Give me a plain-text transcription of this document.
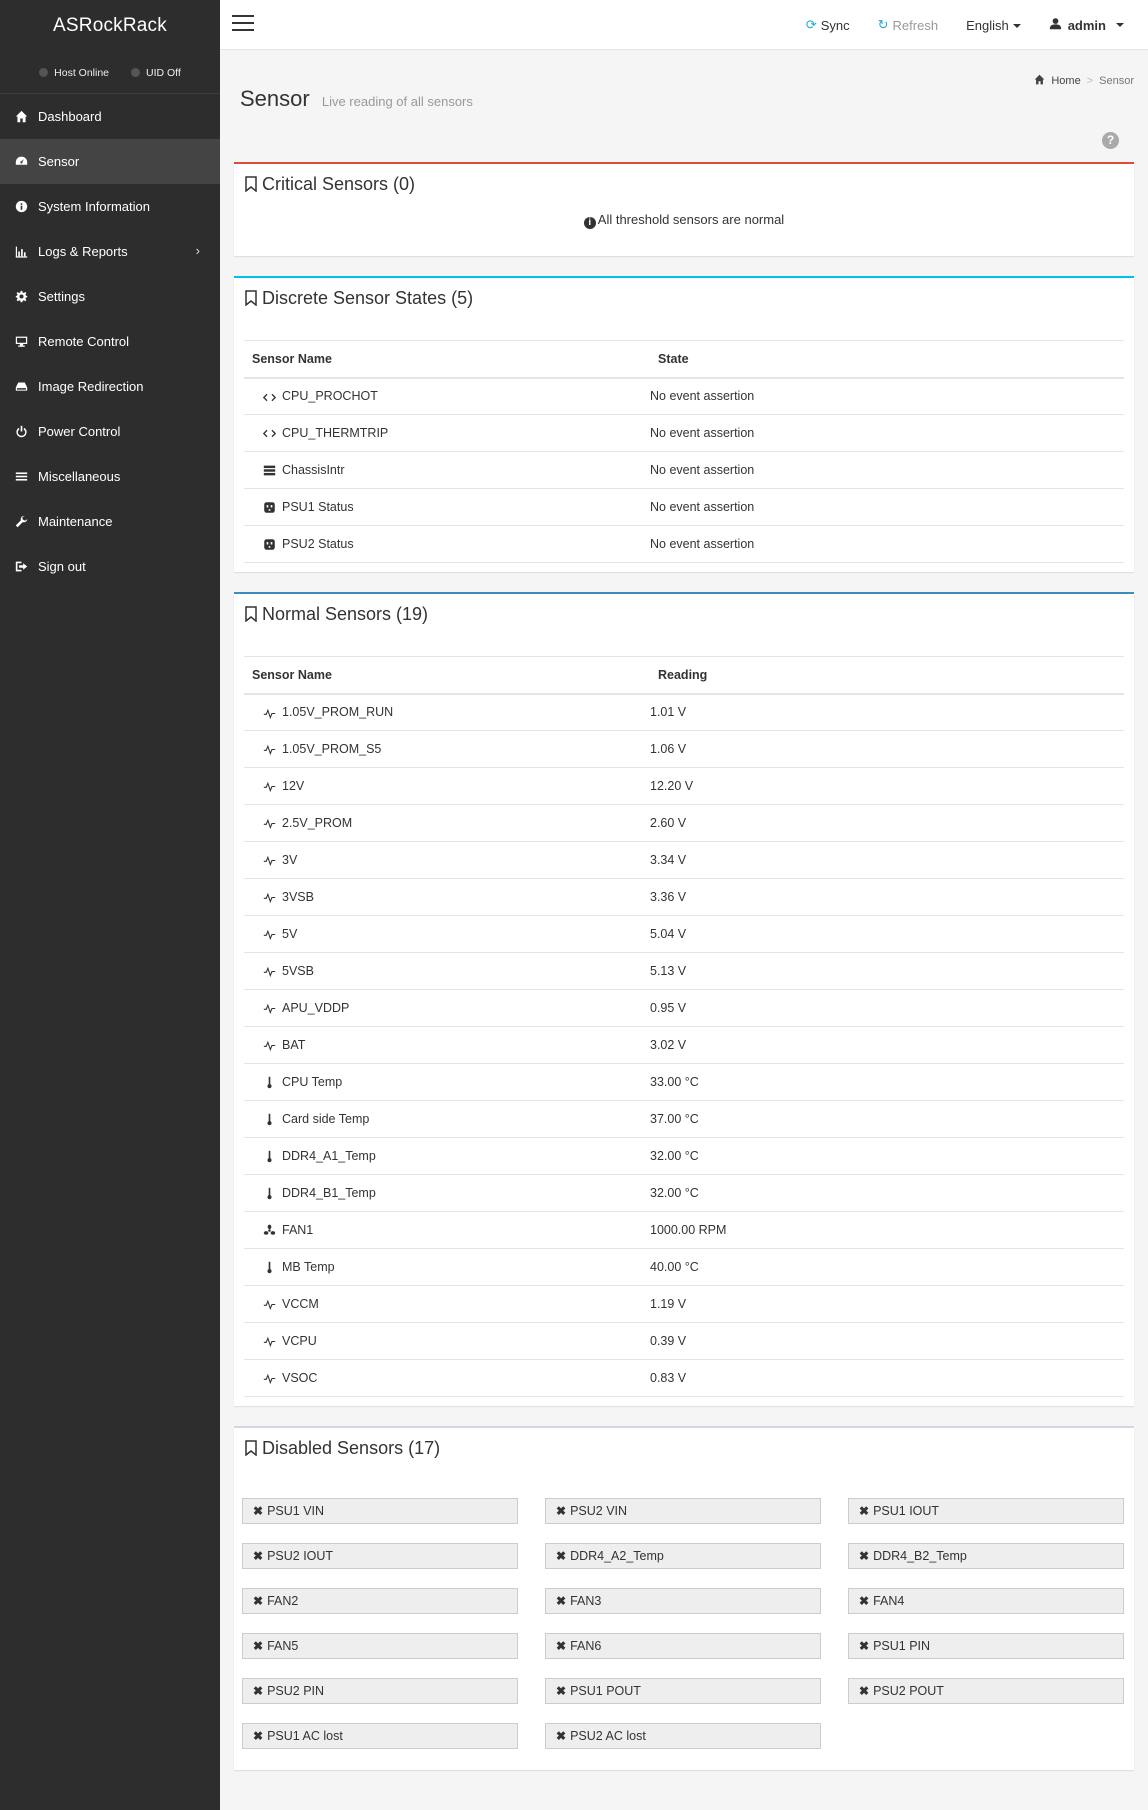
ASRockRack
Host Online	UID Off
Dashboard
Sensor
System Information
Logs & Reports	›
Settings
Remote Control
Image Redirection
Power Control
Miscellaneous
Maintenance
Sign out
⟳ Sync ↻ Refresh English	admin
Sensor Live reading of all sensors
Home > Sensor
?
Critical Sensors (0)
i All threshold sensors are normal
Discrete Sensor States (5)
Sensor Name	State
CPU_PROCHOT	No event assertion
CPU_THERMTRIP	No event assertion
ChassisIntr	No event assertion
PSU1 Status	No event assertion
PSU2 Status	No event assertion
Normal Sensors (19)
Sensor Name	Reading
1.05V_PROM_RUN	1.01 V
1.05V_PROM_S5	1.06 V
12V	12.20 V
2.5V_PROM	2.60 V
3V	3.34 V
3VSB	3.36 V
5V	5.04 V
5VSB	5.13 V
APU_VDDP	0.95 V
BAT	3.02 V
CPU Temp	33.00 °C
Card side Temp	37.00 °C
DDR4_A1_Temp	32.00 °C
DDR4_B1_Temp	32.00 °C
FAN1	1000.00 RPM
MB Temp	40.00 °C
VCCM	1.19 V
VCPU	0.39 V
VSOC	0.83 V
Disabled Sensors (17)
✖ PSU1 VIN	✖ PSU2 VIN	✖ PSU1 IOUT
✖ PSU2 IOUT	✖ DDR4_A2_Temp	✖ DDR4_B2_Temp
✖ FAN2	✖ FAN3	✖ FAN4
✖ FAN5	✖ FAN6	✖ PSU1 PIN
✖ PSU2 PIN	✖ PSU1 POUT	✖ PSU2 POUT
✖ PSU1 AC lost	✖ PSU2 AC lost
